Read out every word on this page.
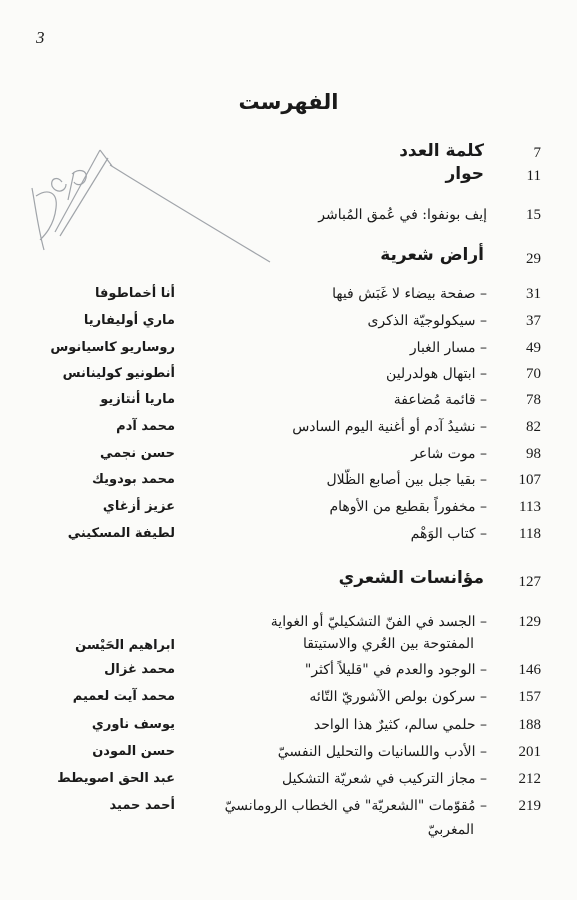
3
الفهرست
7
كلمة العدد
11
حوار
15
إيف بونفوا: في عُمق المُباشر
29
أراض شعرية
31
– صفحة بيضاء لا غَبَش فيها
أنا أخماطوفا
37
– سيكولوجيّة الذكرى
ماري أوليفاريا
49
– مسار الغبار
روساريو كاسيانوس
70
– ابتهال هولدرلين
أنطونيو كولينانس
78
– قائمة مُضاعفة
ماريا أنتازيو
82
– نشيدُ آدم أو أغنية اليوم السادس
محمد آدم
98
– موت شاعر
حسن نجمي
107
– بقيا جبل بين أصابع الظّلال
محمد بودويك
113
– مخفوراً بقطيع من الأوهام
عزيز أزغاي
118
– كتاب الوَهْم
لطيفة المسكيني
127
مؤانسات الشعري
129
– الجسد في الفنّ التشكيليّ أو الغواية
المفتوحة بين العُري والاستيتقا
ابراهيم الحَيْسن
146
– الوجود والعدم في "قليلاً أكثر"
محمد غزال
157
– سركون بولص الآشوريّ التّائه
محمد آيت لعميم
188
– حلمي سالم، كثيرٌ هذا الواحد
يوسف ناوري
201
– الأدب واللسانيات والتحليل النفسيّ
حسن المودن
212
– مجاز التركيب في شعريّة التشكيل
عبد الحق اصويطط
219
– مُقوّمات "الشعريّة" في الخطاب الرومانسيّ
المغربيّ
أحمد حميد
